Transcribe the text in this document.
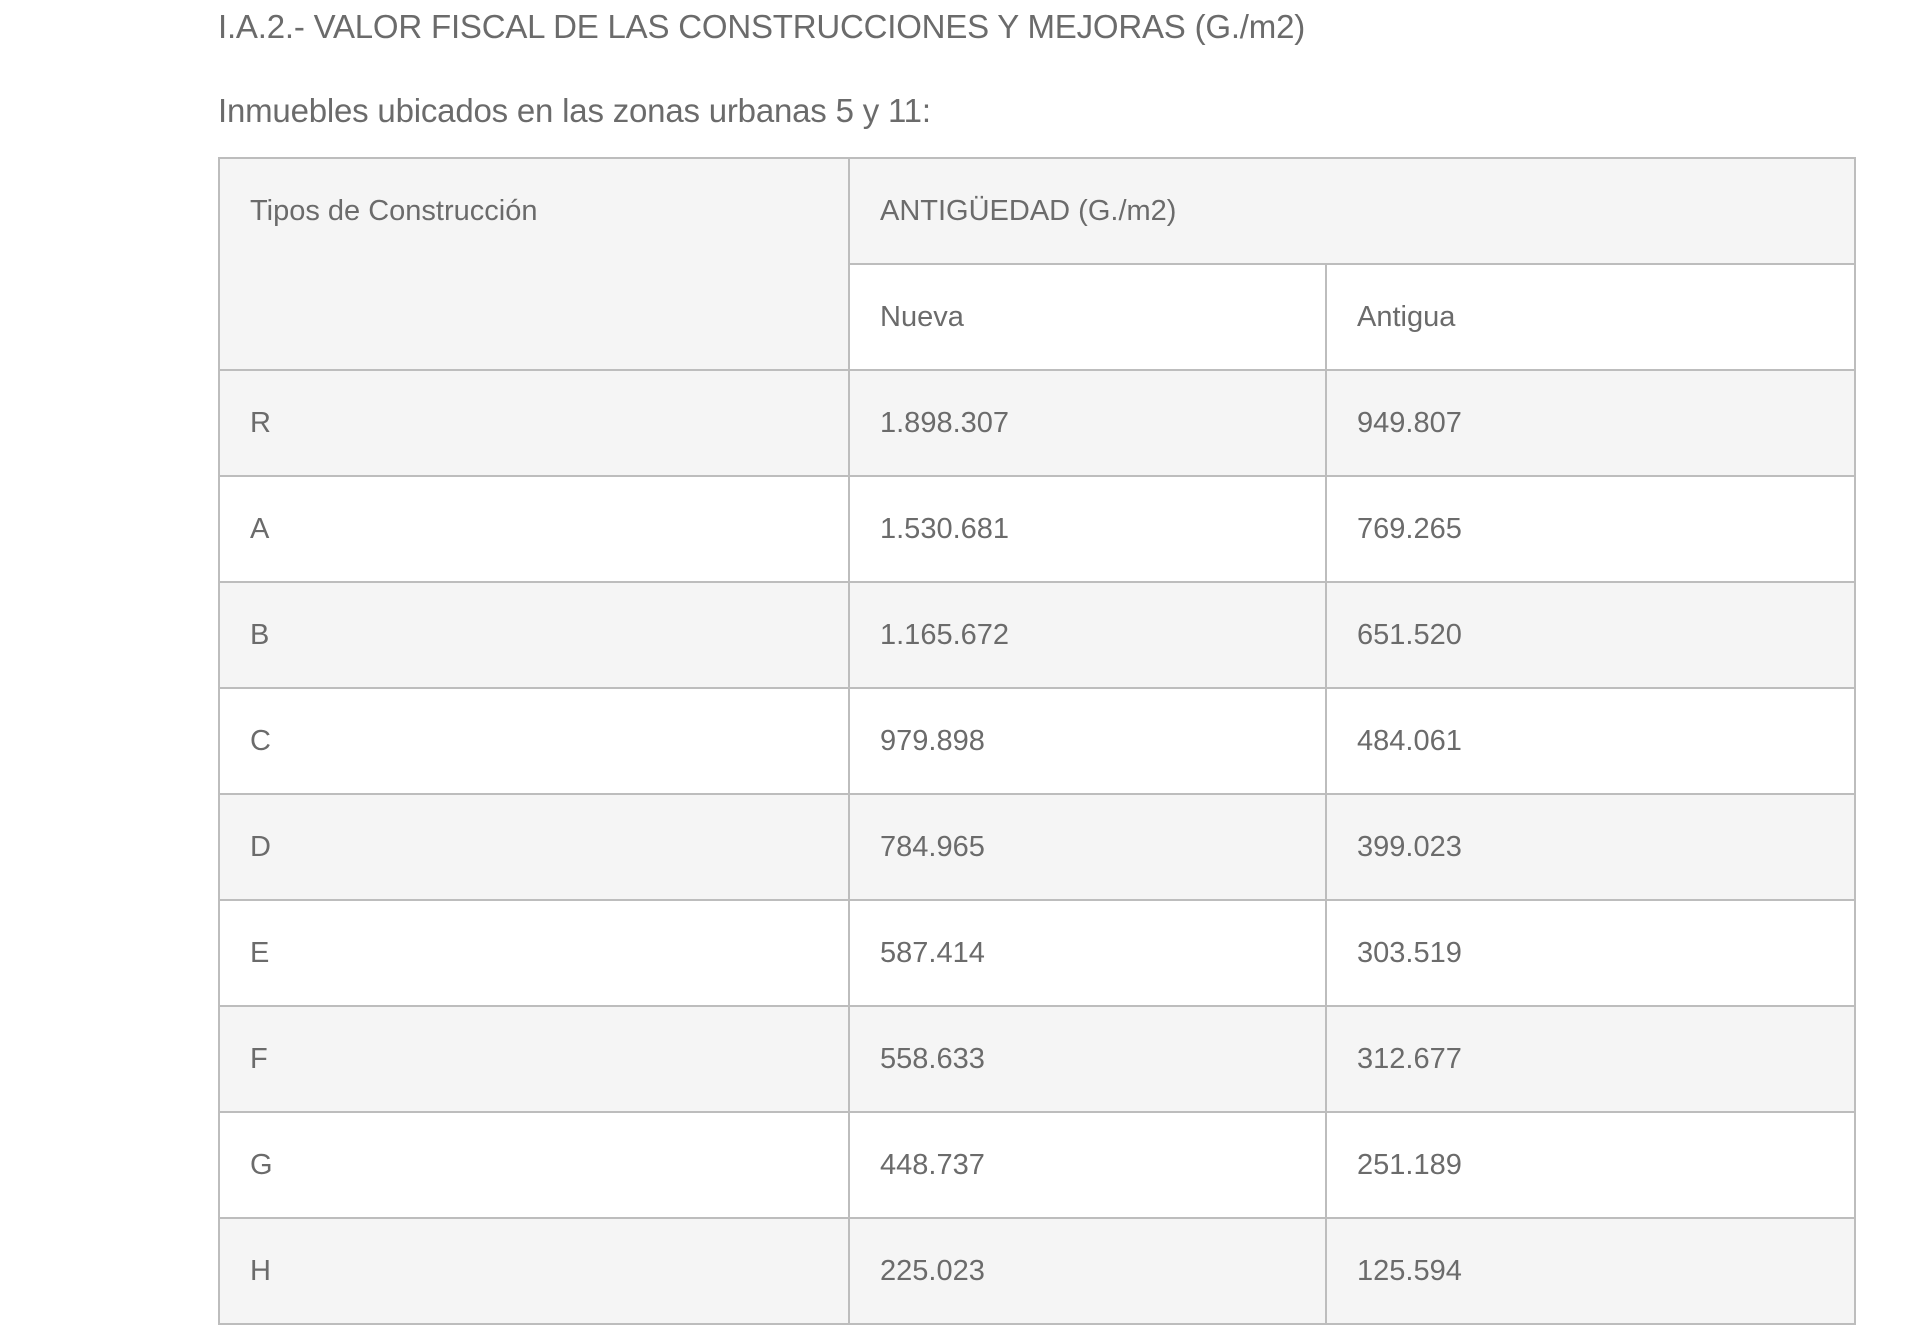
I.A.2.- VALOR FISCAL DE LAS CONSTRUCCIONES Y MEJORAS (G./m2)

Inmuebles ubicados en las zonas urbanas 5 y 11:

Tipos de Construcción	ANTIGÜEDAD (G./m2)	
	Nueva	Antigua
R	1.898.307	949.807
A	1.530.681	769.265
B	1.165.672	651.520
C	979.898	484.061
D	784.965	399.023
E	587.414	303.519
F	558.633	312.677
G	448.737	251.189
H	225.023	125.594
